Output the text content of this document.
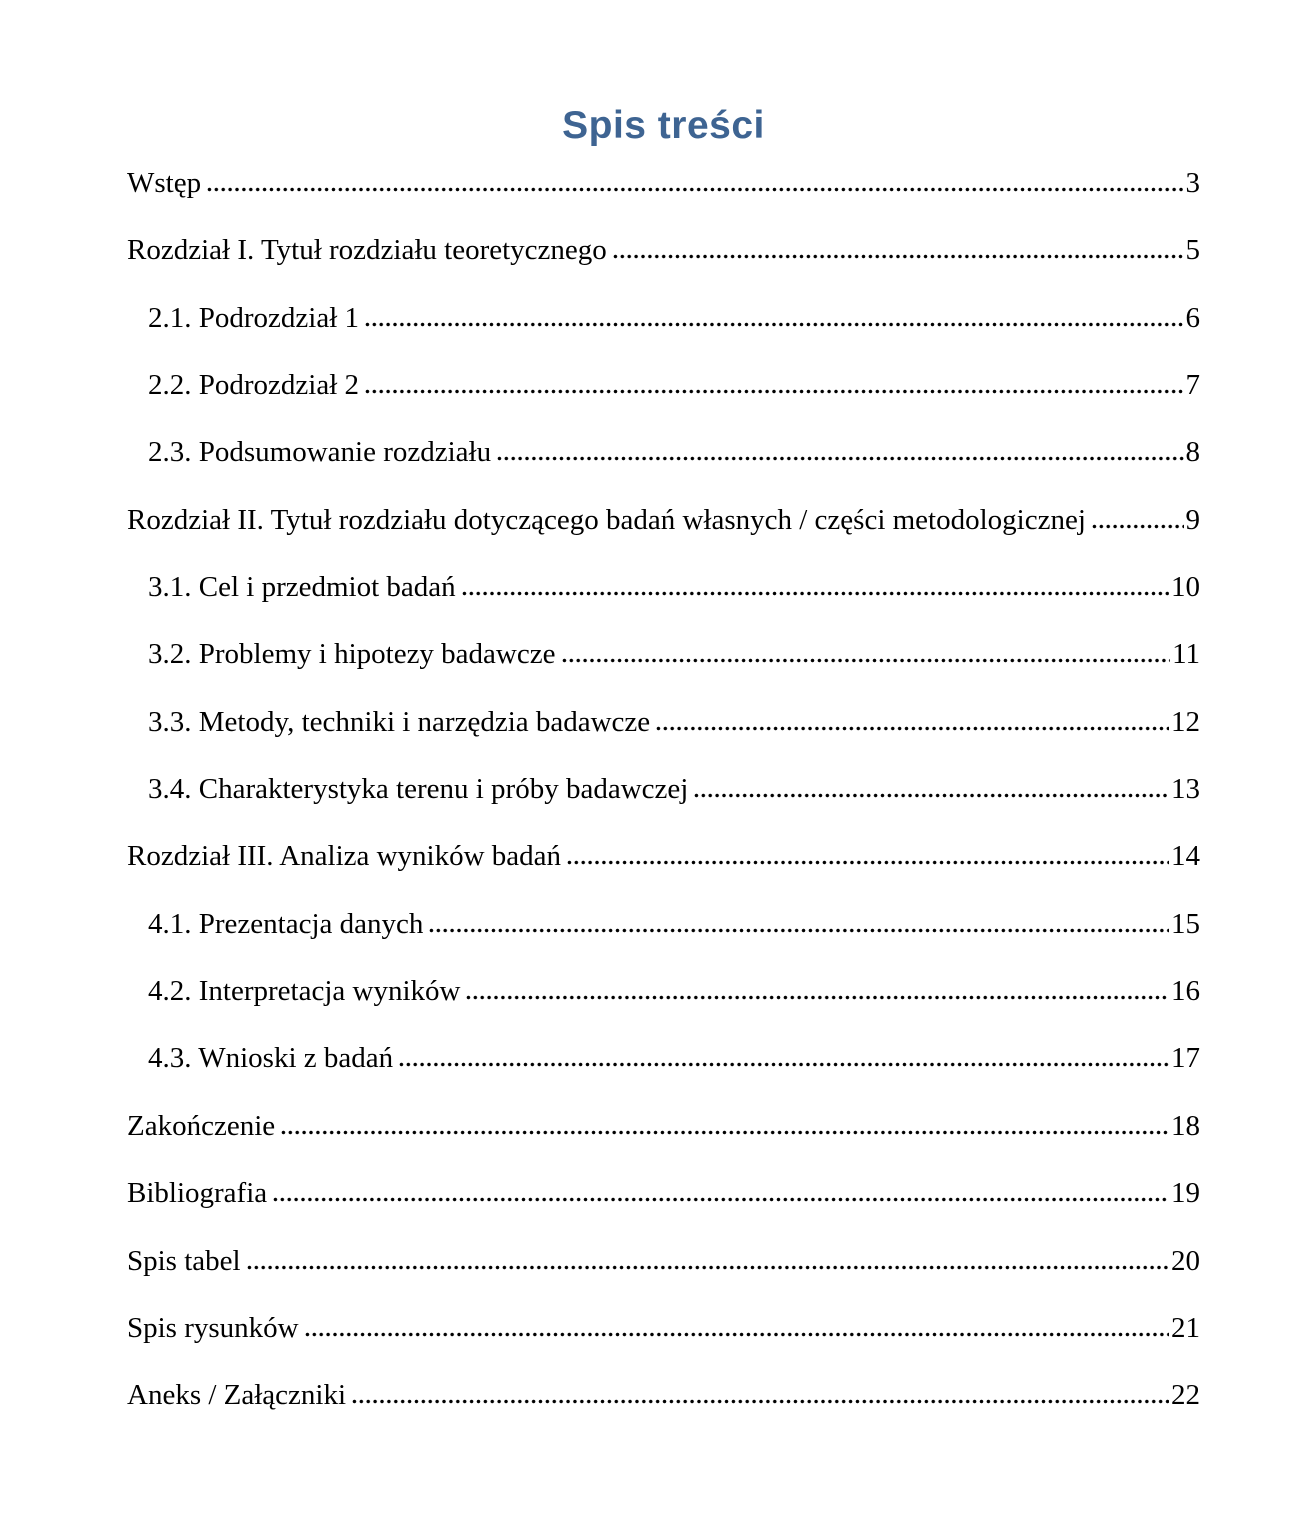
Spis treści
Wstęp	3
Rozdział I. Tytuł rozdziału teoretycznego	5
2.1. Podrozdział 1	6
2.2. Podrozdział 2	7
2.3. Podsumowanie rozdziału	8
Rozdział II. Tytuł rozdziału dotyczącego badań własnych / części metodologicznej	9
3.1. Cel i przedmiot badań	10
3.2. Problemy i hipotezy badawcze	11
3.3. Metody, techniki i narzędzia badawcze	12
3.4. Charakterystyka terenu i próby badawczej	13
Rozdział III. Analiza wyników badań	14
4.1. Prezentacja danych	15
4.2. Interpretacja wyników	16
4.3. Wnioski z badań	17
Zakończenie	18
Bibliografia	19
Spis tabel	20
Spis rysunków	21
Aneks / Załączniki	22
